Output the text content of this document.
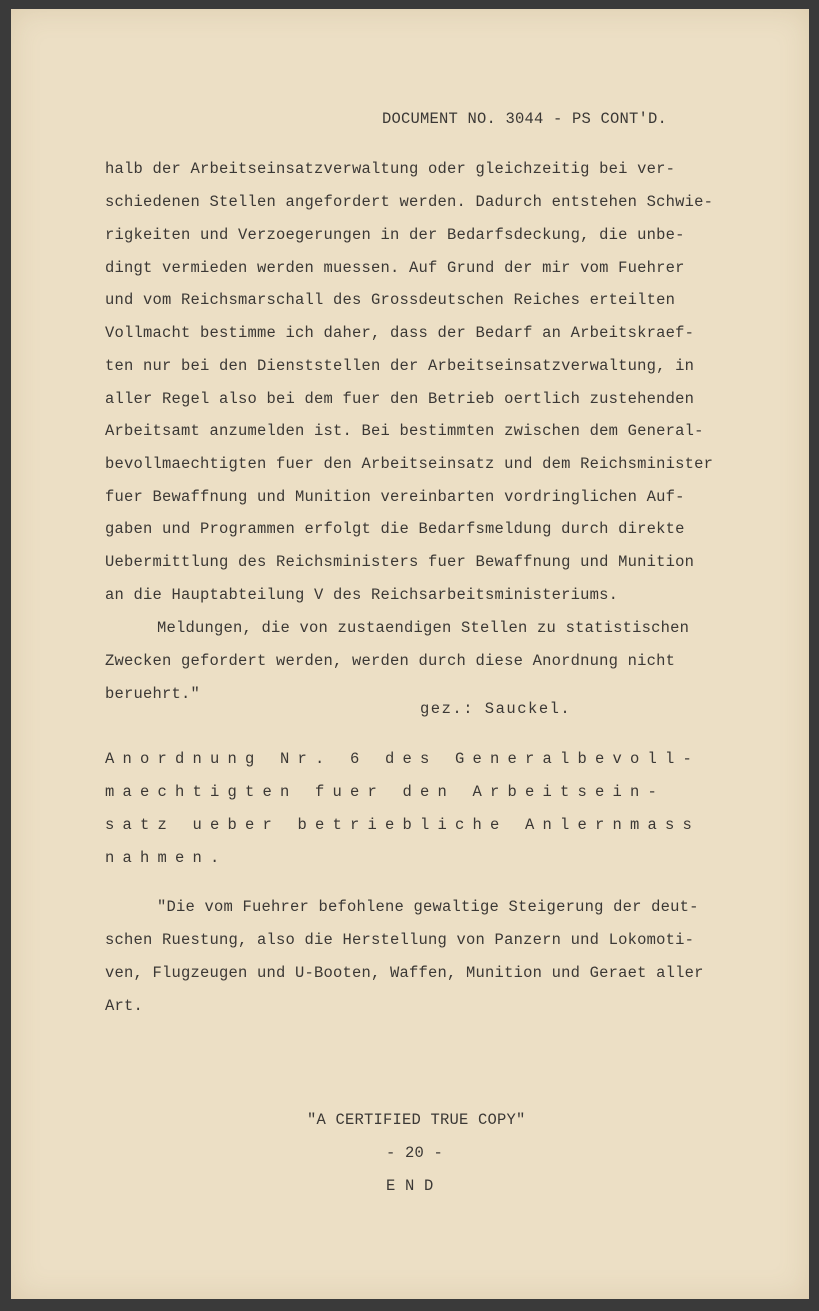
DOCUMENT NO. 3044 - PS CONT'D.
halb der Arbeitseinsatzverwaltung oder gleichzeitig bei ver-
schiedenen Stellen angefordert werden. Dadurch entstehen Schwie-
rigkeiten und Verzoegerungen in der Bedarfsdeckung, die unbe-
dingt vermieden werden muessen. Auf Grund der mir vom Fuehrer
und vom Reichsmarschall des Grossdeutschen Reiches erteilten
Vollmacht bestimme ich daher, dass der Bedarf an Arbeitskraef-
ten nur bei den Dienststellen der Arbeitseinsatzverwaltung, in
aller Regel also bei dem fuer den Betrieb oertlich zustehenden
Arbeitsamt anzumelden ist. Bei bestimmten zwischen dem General-
bevollmaechtigten fuer den Arbeitseinsatz und dem Reichsminister
fuer Bewaffnung und Munition vereinbarten vordringlichen Auf-
gaben und Programmen erfolgt die Bedarfsmeldung durch direkte
Uebermittlung des Reichsministers fuer Bewaffnung und Munition
an die Hauptabteilung V des Reichsarbeitsministeriums.
Meldungen, die von zustaendigen Stellen zu statistischen
Zwecken gefordert werden, werden durch diese Anordnung nicht
beruehrt."
gez.: Sauckel.
Anordnung Nr. 6 des Generalbevoll-
maechtigten fuer den Arbeitsein-
satz ueber betriebliche Anlernmass
nahmen.
"Die vom Fuehrer befohlene gewaltige Steigerung der deut-
schen Ruestung, also die Herstellung von Panzern und Lokomoti-
ven, Flugzeugen und U-Booten, Waffen, Munition und Geraet aller
Art.
"A CERTIFIED TRUE COPY"
- 20 -
E N D
